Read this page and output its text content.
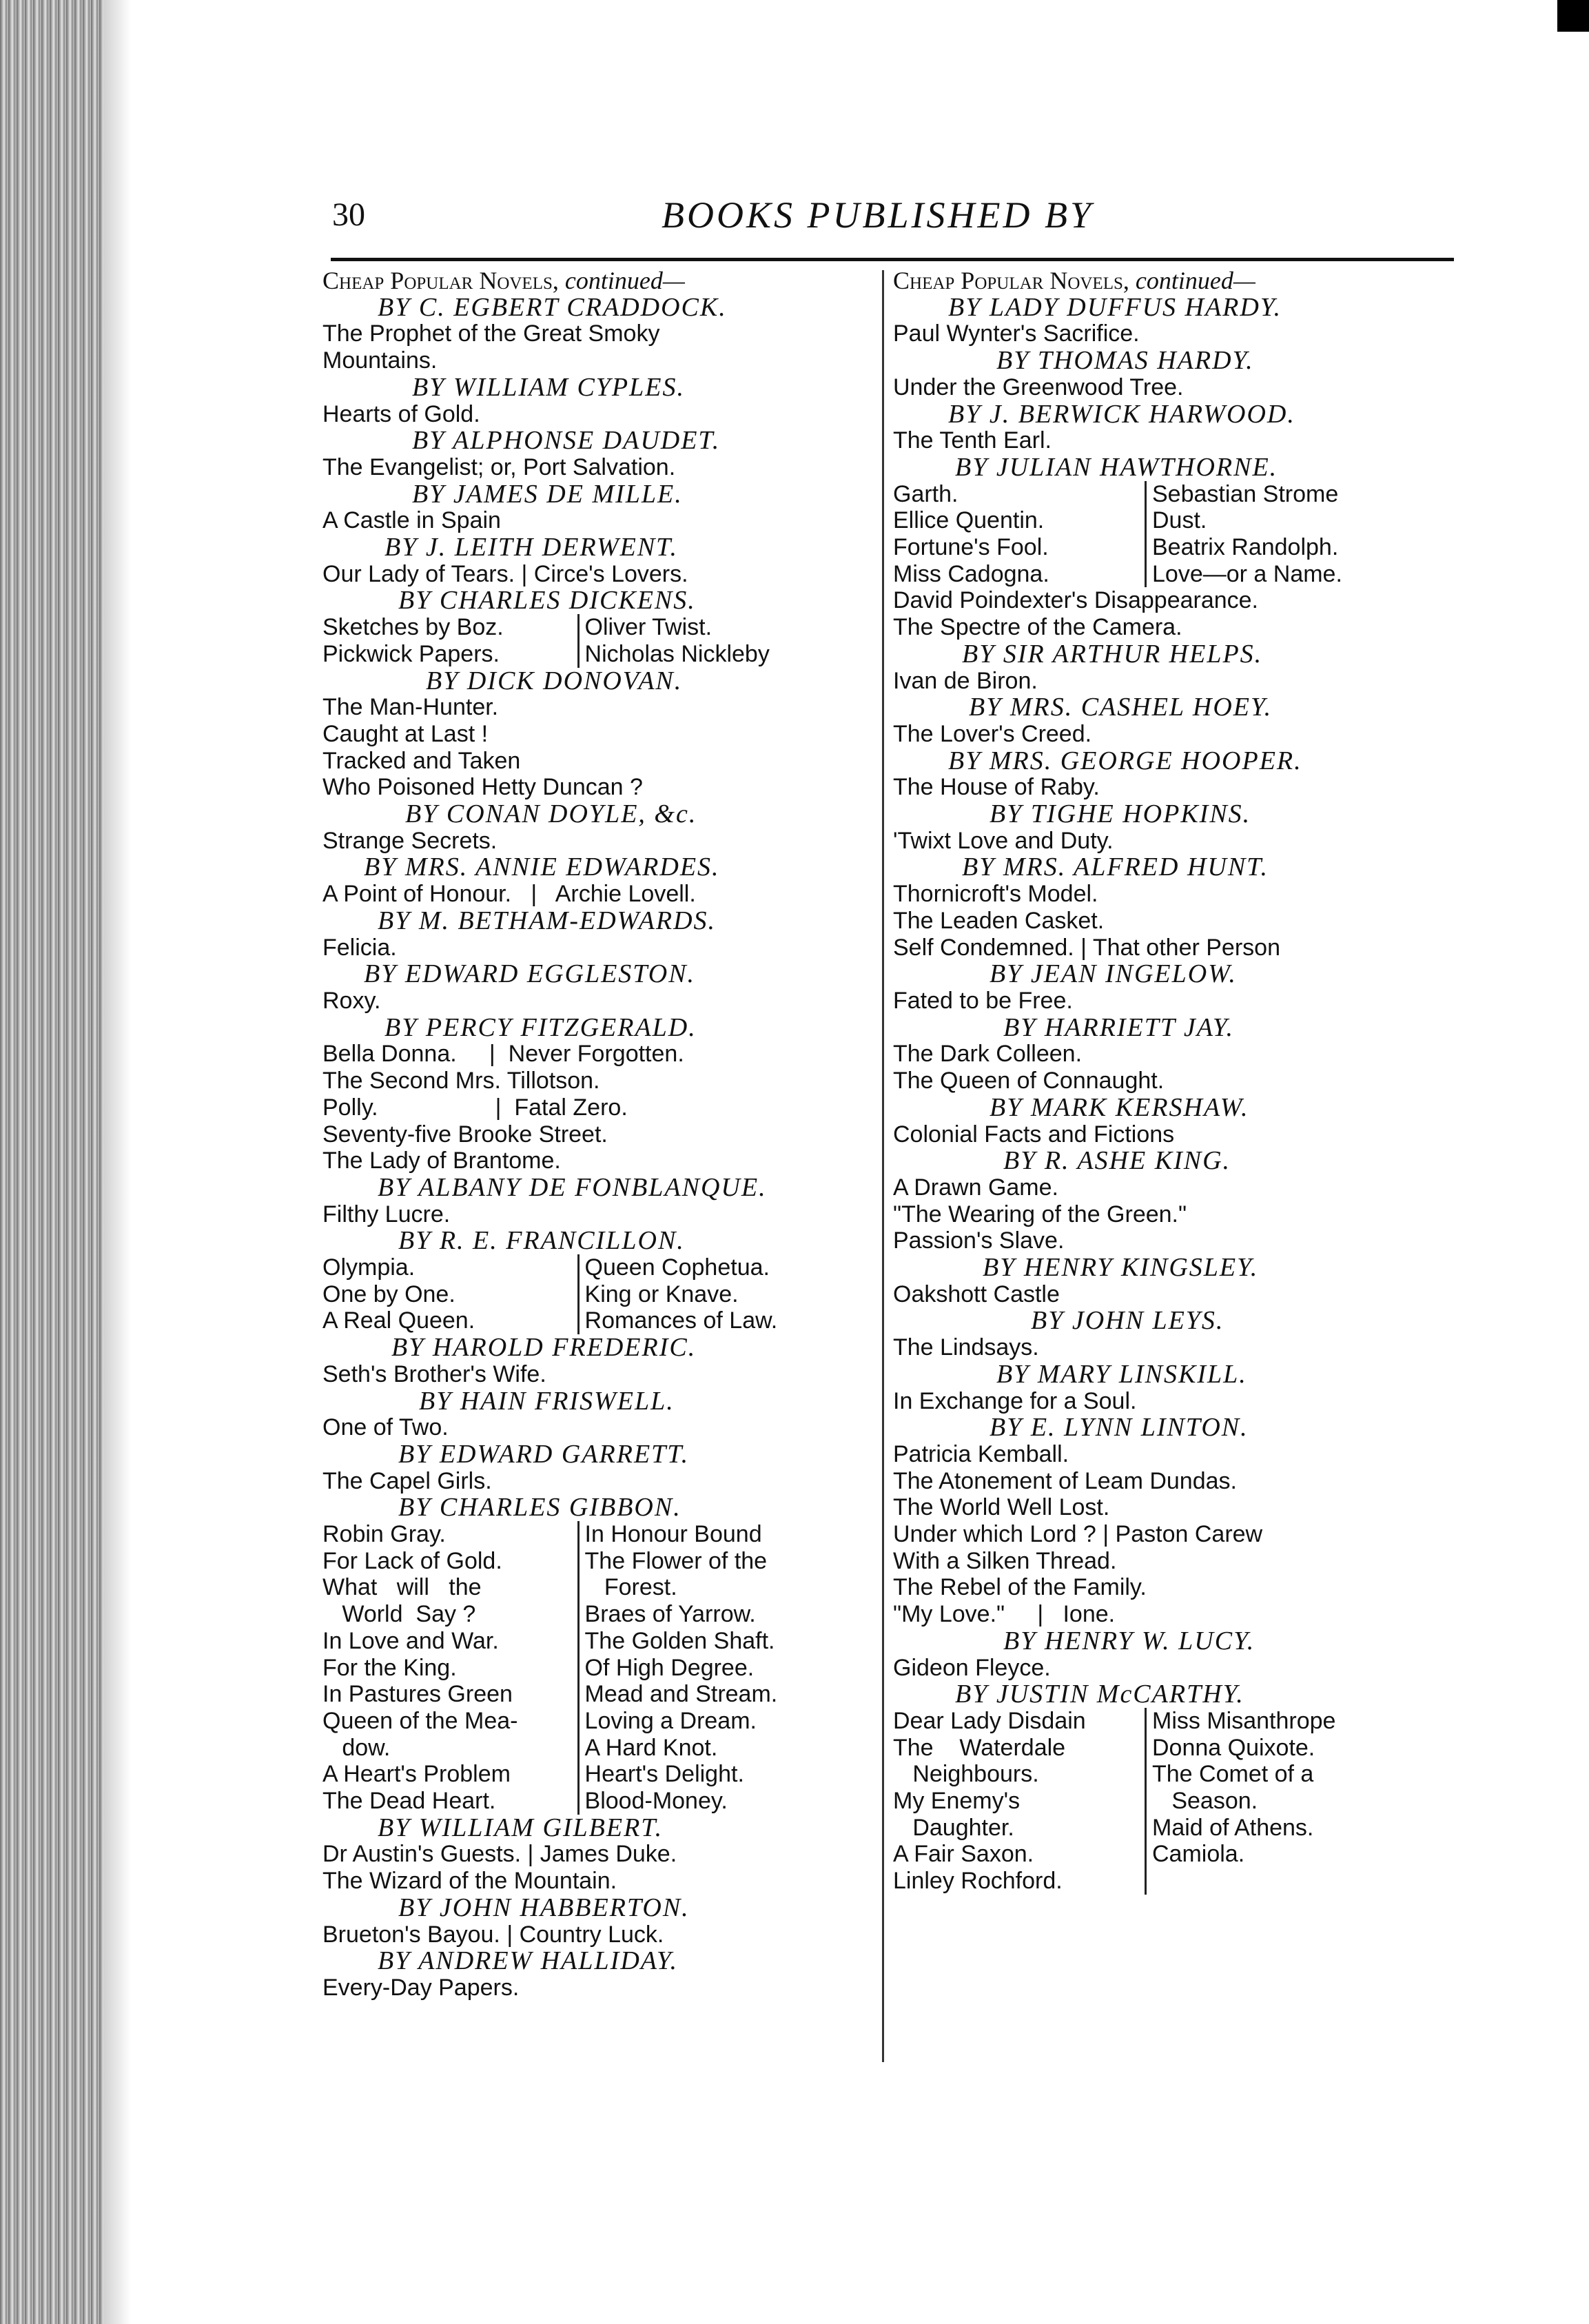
30	BOOKS PUBLISHED BY
Cheap Popular Novels, continued—
BY C. EGBERT CRADDOCK.
The Prophet of the Great Smoky
Mountains.
BY WILLIAM CYPLES.
Hearts of Gold.
BY ALPHONSE DAUDET.
The Evangelist; or, Port Salvation.
BY JAMES DE MILLE.
A Castle in Spain
BY J. LEITH DERWENT.
Our Lady of Tears. | Circe's Lovers.
BY CHARLES DICKENS.
Sketches by Boz.	Oliver Twist.
Pickwick Papers.	Nicholas Nickleby
BY DICK DONOVAN.
The Man-Hunter.
Caught at Last !
Tracked and Taken
Who Poisoned Hetty Duncan ?
BY CONAN DOYLE, &c.
Strange Secrets.
BY MRS. ANNIE EDWARDES.
A Point of Honour.   |   Archie Lovell.
BY M. BETHAM-EDWARDS.
Felicia.
BY EDWARD EGGLESTON.
Roxy.
BY PERCY FITZGERALD.
Bella Donna.     |  Never Forgotten.
The Second Mrs. Tillotson.
Polly.                  |  Fatal Zero.
Seventy-five Brooke Street.
The Lady of Brantome.
BY ALBANY DE FONBLANQUE.
Filthy Lucre.
BY R. E. FRANCILLON.
Olympia.	Queen Cophetua.
One by One.	King or Knave.
A Real Queen.	Romances of Law.
BY HAROLD FREDERIC.
Seth's Brother's Wife.
BY HAIN FRISWELL.
One of Two.
BY EDWARD GARRETT.
The Capel Girls.
BY CHARLES GIBBON.
Robin Gray.	In Honour Bound
For Lack of Gold.	The Flower of the
What   will   the	Forest.
World  Say ?	Braes of Yarrow.
In Love and War.	The Golden Shaft.
For the King.	Of High Degree.
In Pastures Green	Mead and Stream.
Queen of the Mea-	Loving a Dream.
dow.	A Hard Knot.
A Heart's Problem	Heart's Delight.
The Dead Heart.	Blood-Money.
BY WILLIAM GILBERT.
Dr Austin's Guests. | James Duke.
The Wizard of the Mountain.
BY JOHN HABBERTON.
Brueton's Bayou. | Country Luck.
BY ANDREW HALLIDAY.
Every-Day Papers.
Cheap Popular Novels, continued—
BY LADY DUFFUS HARDY.
Paul Wynter's Sacrifice.
BY THOMAS HARDY.
Under the Greenwood Tree.
BY J. BERWICK HARWOOD.
The Tenth Earl.
BY JULIAN HAWTHORNE.
Garth.	Sebastian Strome
Ellice Quentin.	Dust.
Fortune's Fool.	Beatrix Randolph.
Miss Cadogna.	Love—or a Name.
David Poindexter's Disappearance.
The Spectre of the Camera.
BY SIR ARTHUR HELPS.
Ivan de Biron.
BY MRS. CASHEL HOEY.
The Lover's Creed.
BY MRS. GEORGE HOOPER.
The House of Raby.
BY TIGHE HOPKINS.
'Twixt Love and Duty.
BY MRS. ALFRED HUNT.
Thornicroft's Model.
The Leaden Casket.
Self Condemned. | That other Person
BY JEAN INGELOW.
Fated to be Free.
BY HARRIETT JAY.
The Dark Colleen.
The Queen of Connaught.
BY MARK KERSHAW.
Colonial Facts and Fictions
BY R. ASHE KING.
A Drawn Game.
"The Wearing of the Green."
Passion's Slave.
BY HENRY KINGSLEY.
Oakshott Castle
BY JOHN LEYS.
The Lindsays.
BY MARY LINSKILL.
In Exchange for a Soul.
BY E. LYNN LINTON.
Patricia Kemball.
The Atonement of Leam Dundas.
The World Well Lost.
Under which Lord ? | Paston Carew
With a Silken Thread.
The Rebel of the Family.
"My Love."     |   Ione.
BY HENRY W. LUCY.
Gideon Fleyce.
BY JUSTIN McCARTHY.
Dear Lady Disdain	Miss Misanthrope
The    Waterdale	Donna Quixote.
Neighbours.	The Comet of a
My Enemy's	Season.
Daughter.	Maid of Athens.
A Fair Saxon.	Camiola.
Linley Rochford.
